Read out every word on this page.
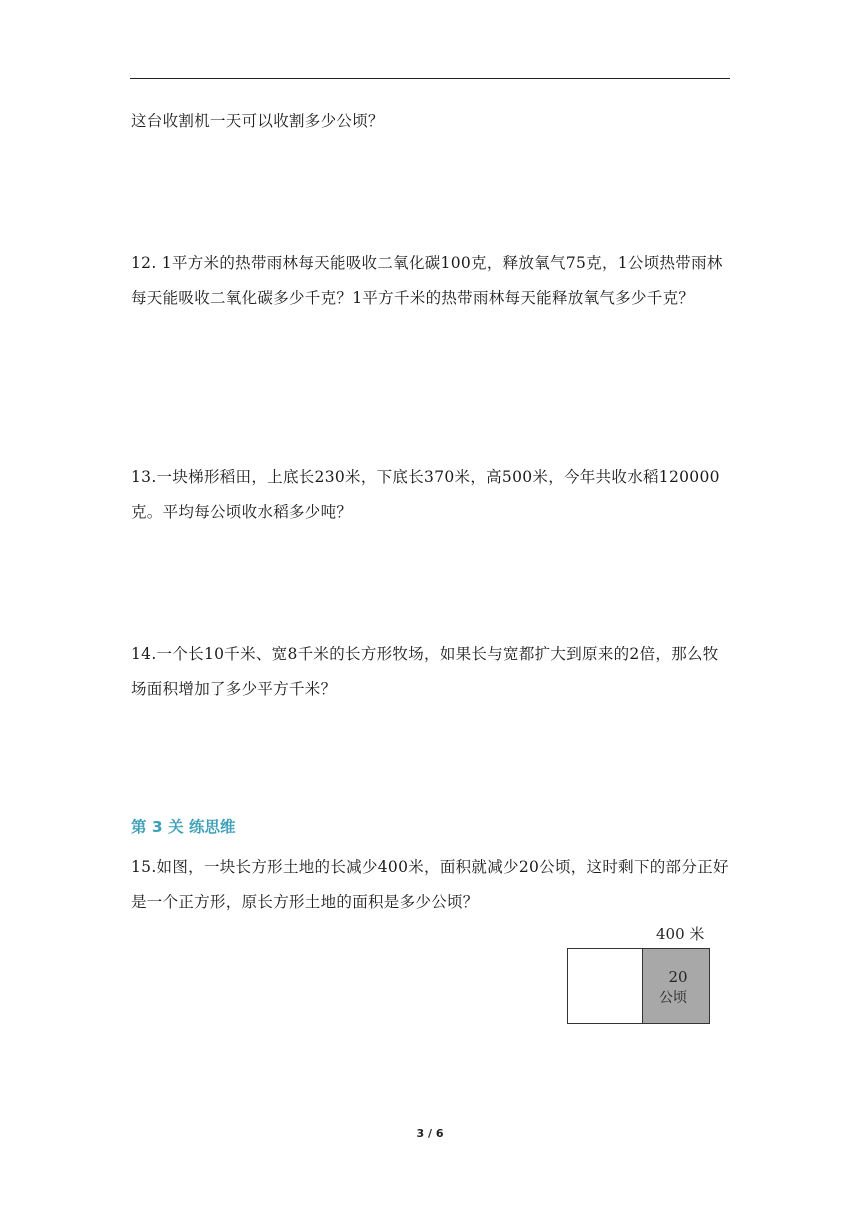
这台收割机一天可以收割多少公顷？

12. 1平方米的热带雨林每天能吸收二氧化碳100克，释放氧气75克，1公顷热带雨林每天能吸收二氧化碳多少千克？1平方千米的热带雨林每天能释放氧气多少千克？

13.一块梯形稻田，上底长230米，下底长370米，高500米，今年共收水稻120000克。平均每公顷收水稻多少吨？

14.一个长10千米、宽8千米的长方形牧场，如果长与宽都扩大到原来的2倍，那么牧场面积增加了多少平方千米？

第 3 关 练思维

15.如图，一块长方形土地的长减少400米，面积就减少20公顷，这时剩下的部分正好是一个正方形，原长方形土地的面积是多少公顷？

400 米
20
公顷
3 / 6
